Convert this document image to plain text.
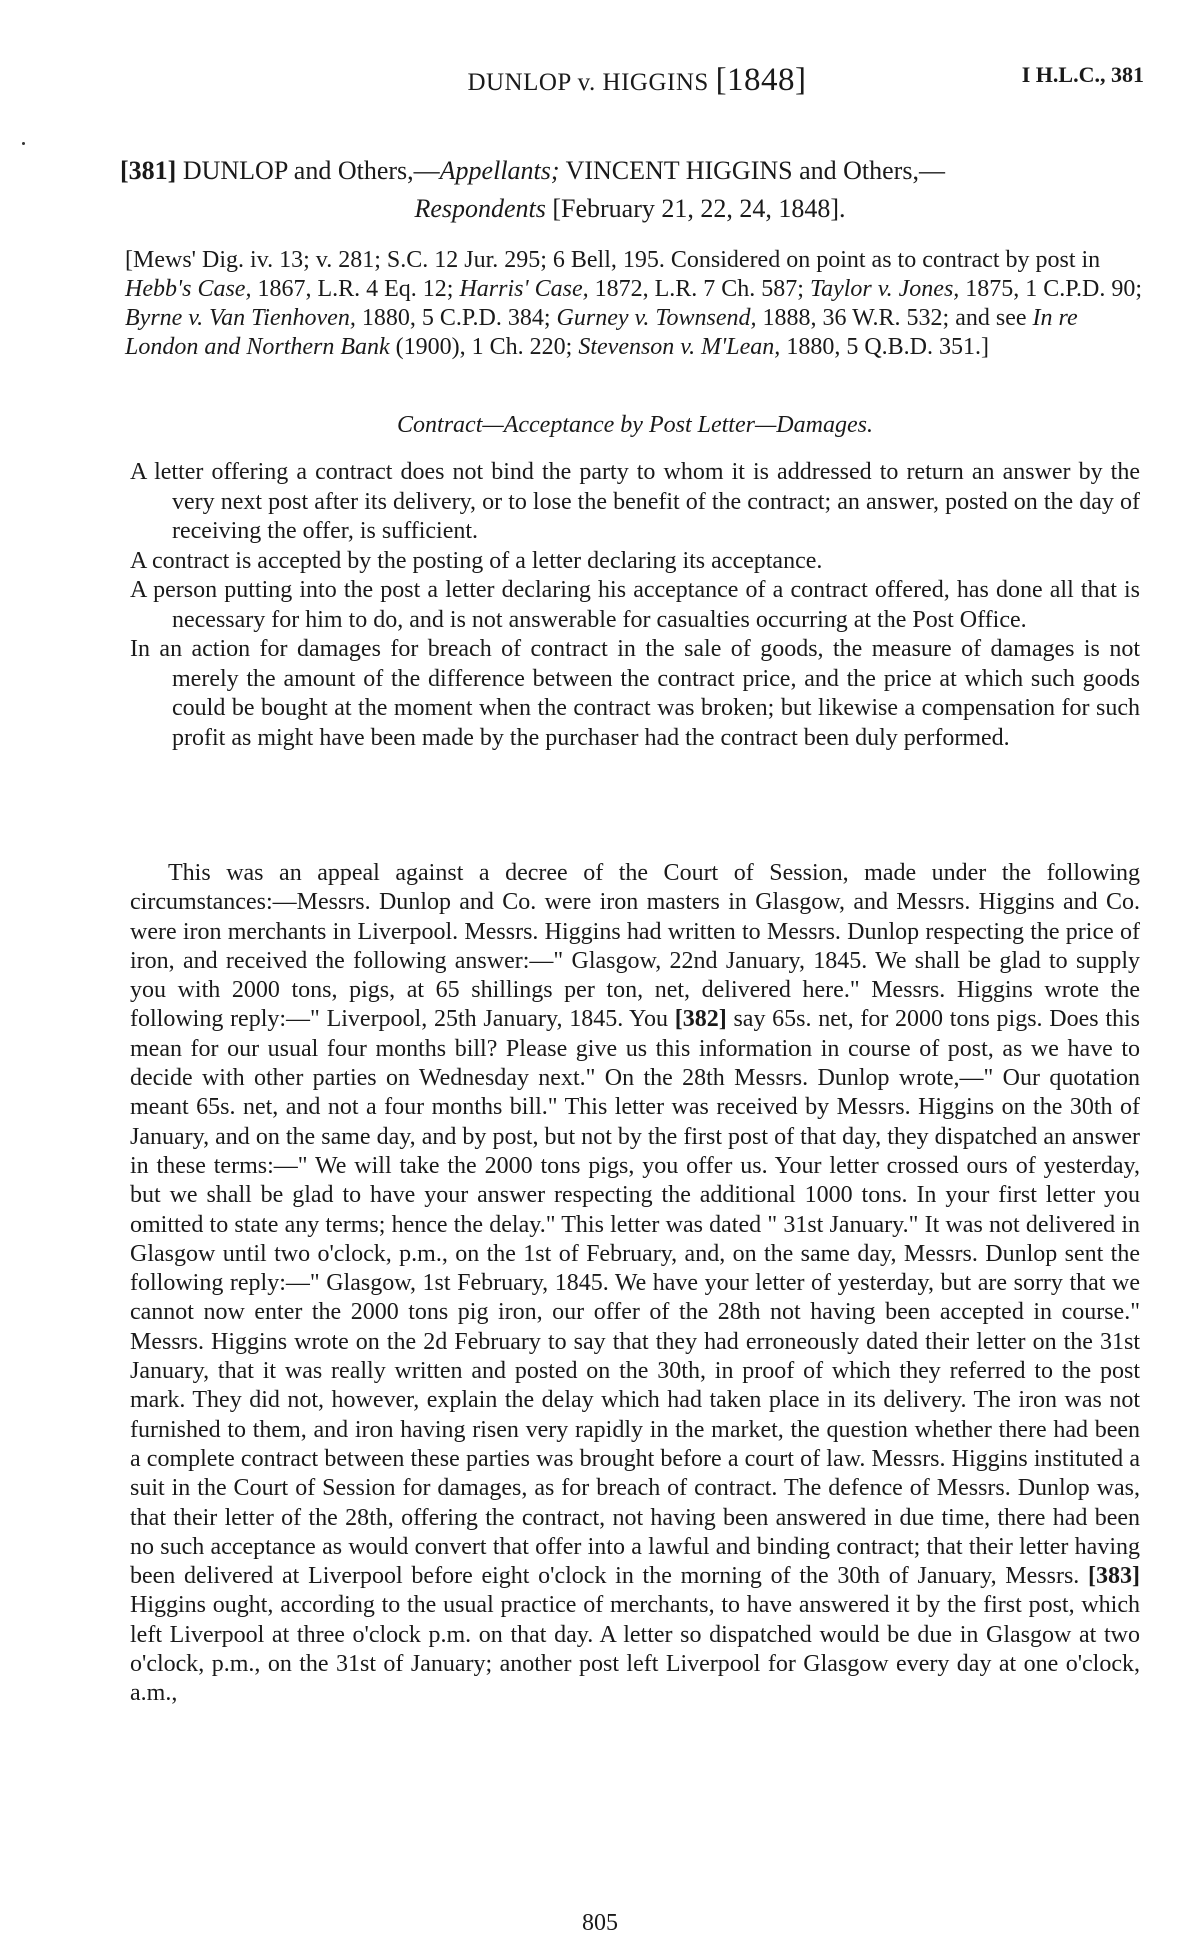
DUNLOP v. HIGGINS [1848]	I H.L.C., 381
[381] DUNLOP and Others,—Appellants; VINCENT HIGGINS and Others,—
Respondents [February 21, 22, 24, 1848].
[Mews' Dig. iv. 13; v. 281; S.C. 12 Jur. 295; 6 Bell, 195. Considered on point as to contract by post in Hebb's Case, 1867, L.R. 4 Eq. 12; Harris' Case, 1872, L.R. 7 Ch. 587; Taylor v. Jones, 1875, 1 C.P.D. 90; Byrne v. Van Tienhoven, 1880, 5 C.P.D. 384; Gurney v. Townsend, 1888, 36 W.R. 532; and see In re London and Northern Bank (1900), 1 Ch. 220; Stevenson v. M'Lean, 1880, 5 Q.B.D. 351.]
Contract—Acceptance by Post Letter—Damages.

A letter offering a contract does not bind the party to whom it is addressed to return an answer by the very next post after its delivery, or to lose the benefit of the contract; an answer, posted on the day of receiving the offer, is sufficient.

A contract is accepted by the posting of a letter declaring its acceptance.

A person putting into the post a letter declaring his acceptance of a contract offered, has done all that is necessary for him to do, and is not answerable for casualties occurring at the Post Office.

In an action for damages for breach of contract in the sale of goods, the measure of damages is not merely the amount of the difference between the contract price, and the price at which such goods could be bought at the moment when the contract was broken; but likewise a compensation for such profit as might have been made by the purchaser had the contract been duly performed.

This was an appeal against a decree of the Court of Session, made under the following circumstances:—Messrs. Dunlop and Co. were iron masters in Glasgow, and Messrs. Higgins and Co. were iron merchants in Liverpool. Messrs. Higgins had written to Messrs. Dunlop respecting the price of iron, and received the following answer:—" Glasgow, 22nd January, 1845. We shall be glad to supply you with 2000 tons, pigs, at 65 shillings per ton, net, delivered here." Messrs. Higgins wrote the following reply:—" Liverpool, 25th January, 1845. You [382] say 65s. net, for 2000 tons pigs. Does this mean for our usual four months bill? Please give us this information in course of post, as we have to decide with other parties on Wednesday next." On the 28th Messrs. Dunlop wrote,—" Our quotation meant 65s. net, and not a four months bill." This letter was received by Messrs. Higgins on the 30th of January, and on the same day, and by post, but not by the first post of that day, they dispatched an answer in these terms:—" We will take the 2000 tons pigs, you offer us. Your letter crossed ours of yesterday, but we shall be glad to have your answer respecting the additional 1000 tons. In your first letter you omitted to state any terms; hence the delay." This letter was dated " 31st January." It was not delivered in Glasgow until two o'clock, p.m., on the 1st of February, and, on the same day, Messrs. Dunlop sent the following reply:—" Glasgow, 1st February, 1845. We have your letter of yesterday, but are sorry that we cannot now enter the 2000 tons pig iron, our offer of the 28th not having been accepted in course." Messrs. Higgins wrote on the 2d February to say that they had erroneously dated their letter on the 31st January, that it was really written and posted on the 30th, in proof of which they referred to the post mark. They did not, however, explain the delay which had taken place in its delivery. The iron was not furnished to them, and iron having risen very rapidly in the market, the question whether there had been a complete contract between these parties was brought before a court of law. Messrs. Higgins instituted a suit in the Court of Session for damages, as for breach of contract. The defence of Messrs. Dunlop was, that their letter of the 28th, offering the contract, not having been answered in due time, there had been no such acceptance as would convert that offer into a lawful and binding contract; that their letter having been delivered at Liverpool before eight o'clock in the morning of the 30th of January, Messrs. [383] Higgins ought, according to the usual practice of merchants, to have answered it by the first post, which left Liverpool at three o'clock p.m. on that day. A letter so dispatched would be due in Glasgow at two o'clock, p.m., on the 31st of January; another post left Liverpool for Glasgow every day at one o'clock, a.m.,

805
